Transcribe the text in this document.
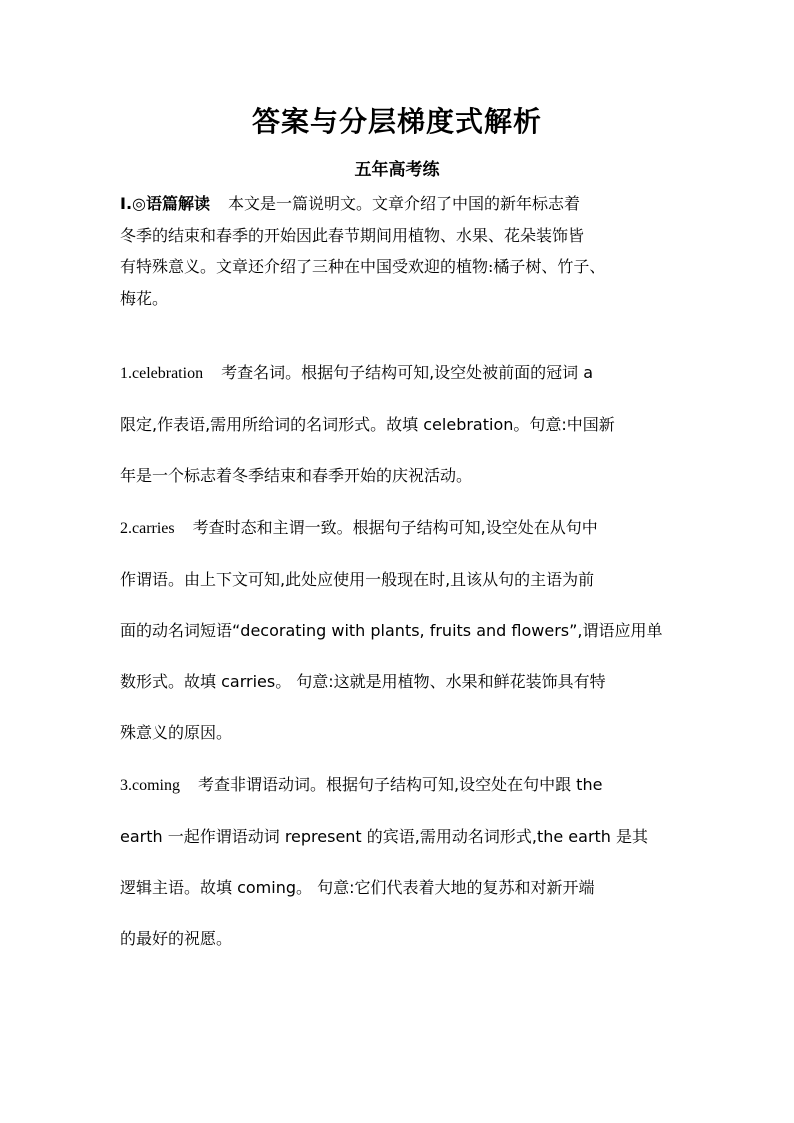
答案与分层梯度式解析
五年高考练
Ⅰ.◎语篇解读 本文是一篇说明文。文章介绍了中国的新年标志着
冬季的结束和春季的开始因此春节期间用植物、水果、花朵装饰皆
有特殊意义。文章还介绍了三种在中国受欢迎的植物:橘子树、竹子、
梅花。
1.celebration 考查名词。根据句子结构可知,设空处被前面的冠词 a
限定,作表语,需用所给词的名词形式。故填 celebration。句意:中国新
年是一个标志着冬季结束和春季开始的庆祝活动。
2.carries 考查时态和主谓一致。根据句子结构可知,设空处在从句中
作谓语。由上下文可知,此处应使用一般现在时,且该从句的主语为前
面的动名词短语“decorating with plants, fruits and flowers”,谓语应用单
数形式。故填 carries。 句意:这就是用植物、水果和鲜花装饰具有特
殊意义的原因。
3.coming 考查非谓语动词。根据句子结构可知,设空处在句中跟 the
earth 一起作谓语动词 represent 的宾语,需用动名词形式,the earth 是其
逻辑主语。故填 coming。 句意:它们代表着大地的复苏和对新开端
的最好的祝愿。
